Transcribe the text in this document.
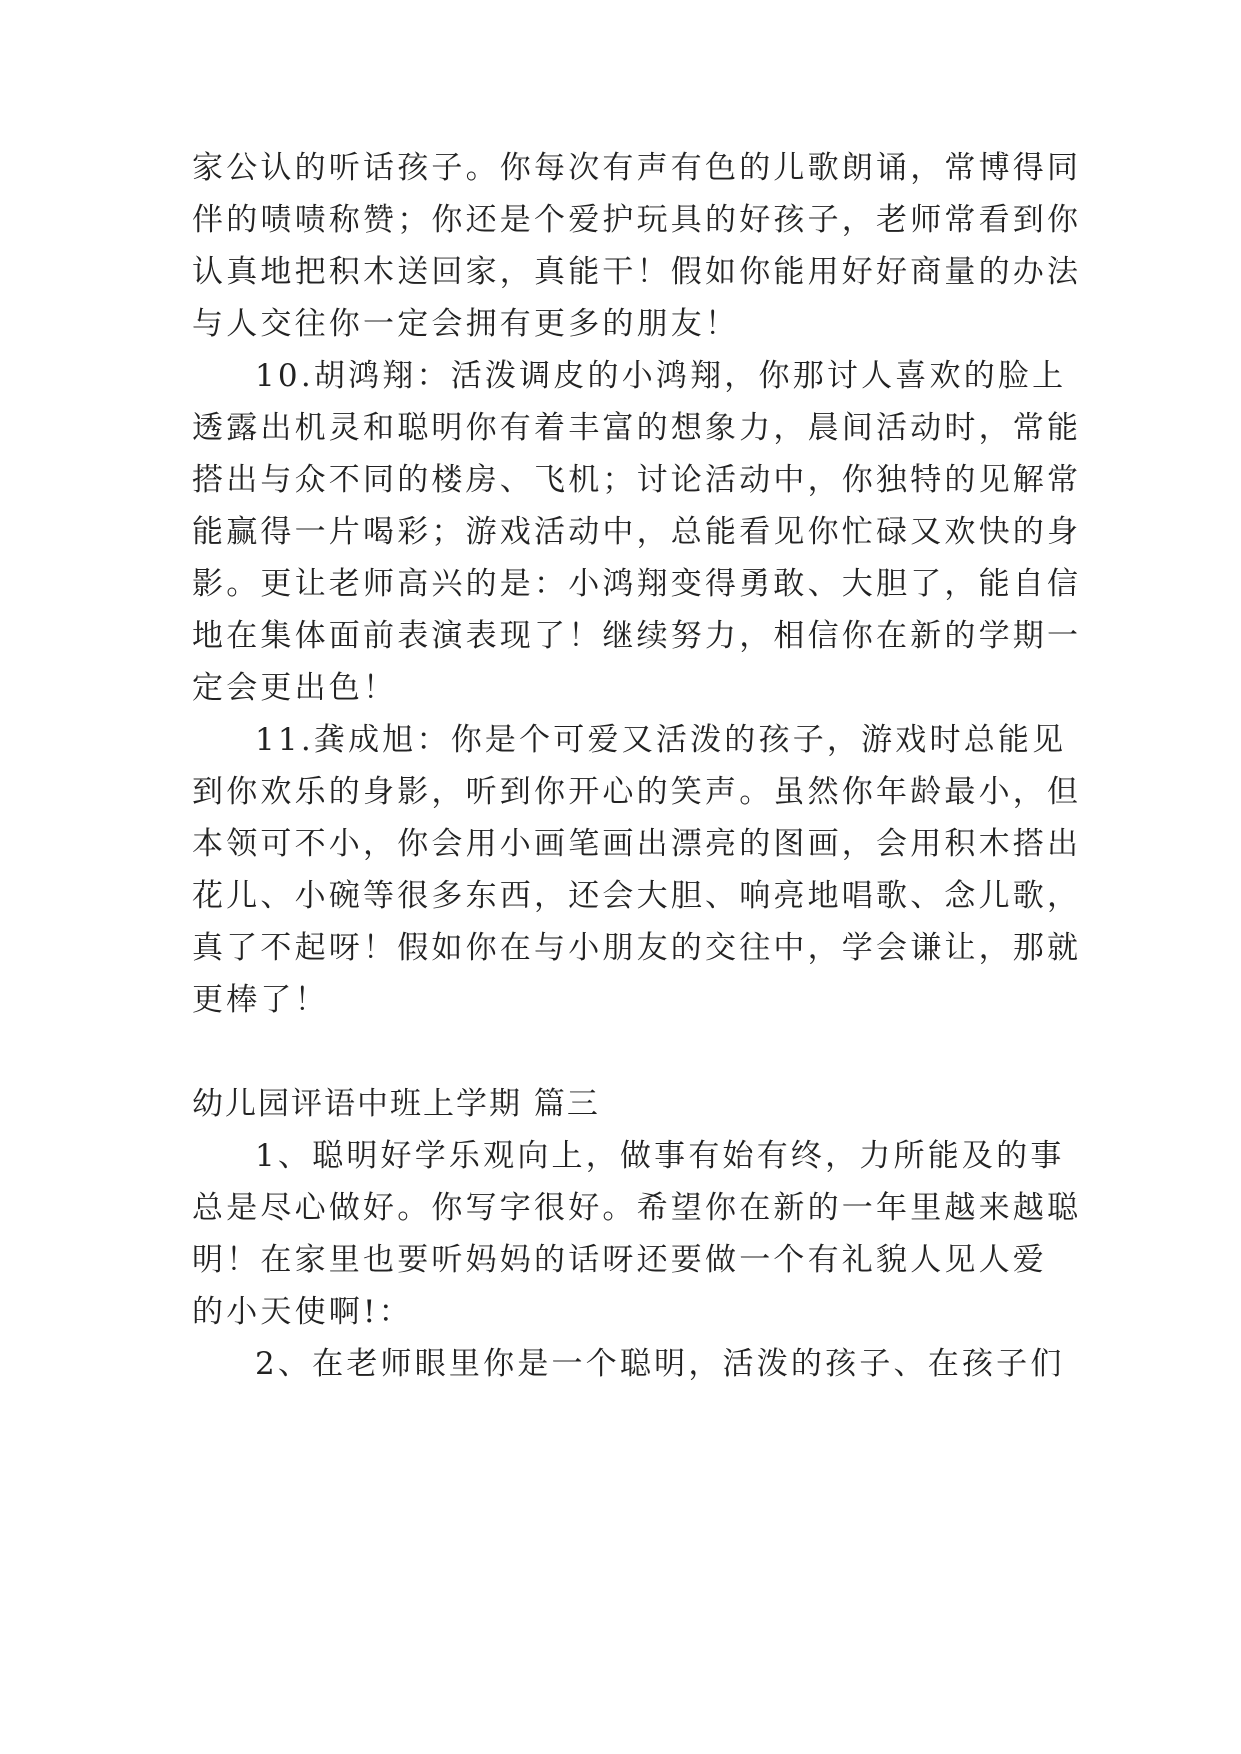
家公认的听话孩子。你每次有声有色的儿歌朗诵，常博得同
伴的啧啧称赞；你还是个爱护玩具的好孩子，老师常看到你
认真地把积木送回家，真能干！假如你能用好好商量的办法
与人交往你一定会拥有更多的朋友！
10.胡鸿翔：活泼调皮的小鸿翔，你那讨人喜欢的脸上
透露出机灵和聪明你有着丰富的想象力，晨间活动时，常能
搭出与众不同的楼房、飞机；讨论活动中，你独特的见解常
能赢得一片喝彩；游戏活动中，总能看见你忙碌又欢快的身
影。更让老师高兴的是：小鸿翔变得勇敢、大胆了，能自信
地在集体面前表演表现了！继续努力，相信你在新的学期一
定会更出色！
11.龚成旭：你是个可爱又活泼的孩子，游戏时总能见
到你欢乐的身影，听到你开心的笑声。虽然你年龄最小，但
本领可不小，你会用小画笔画出漂亮的图画，会用积木搭出
花儿、小碗等很多东西，还会大胆、响亮地唱歌、念儿歌，
真了不起呀！假如你在与小朋友的交往中，学会谦让，那就
更棒了！
幼儿园评语中班上学期 篇三
1、聪明好学乐观向上，做事有始有终，力所能及的事
总是尽心做好。你写字很好。希望你在新的一年里越来越聪
明！在家里也要听妈妈的话呀还要做一个有礼貌人见人爱
的小天使啊!：
2、在老师眼里你是一个聪明，活泼的孩子、在孩子们
